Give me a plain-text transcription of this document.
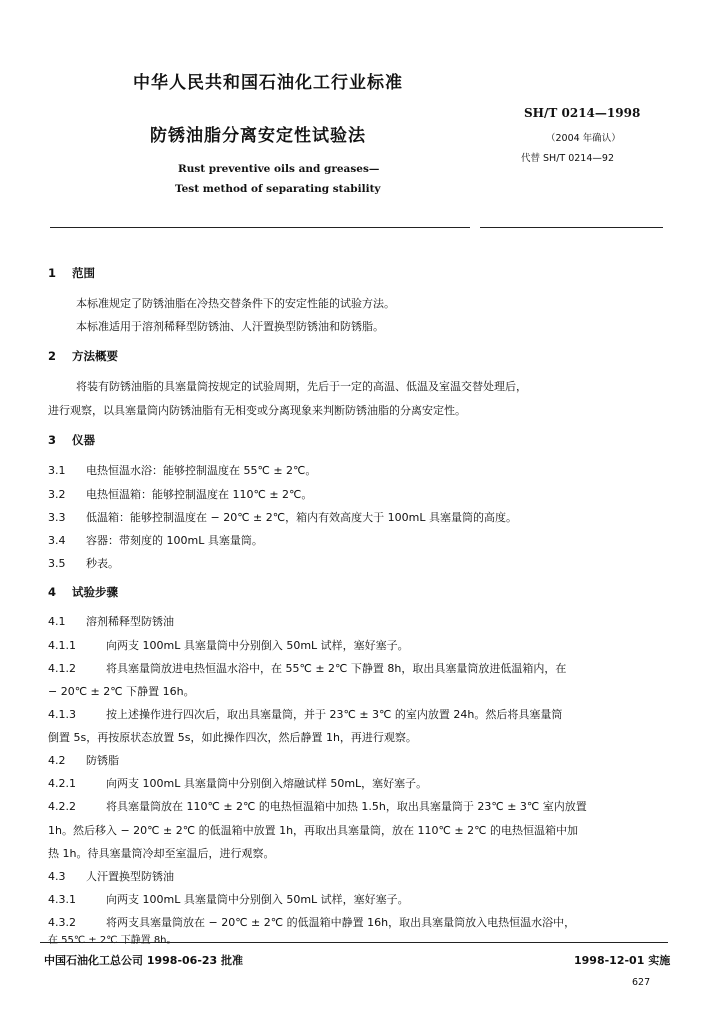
中华人民共和国石油化工行业标准
SH/T 0214—1998
（2004 年确认）
代替 SH/T 0214—92
防锈油脂分离安定性试验法
Rust preventive oils and greases—
Test method of separating stability
1 范围
本标准规定了防锈油脂在冷热交替条件下的安定性能的试验方法。
本标准适用于溶剂稀释型防锈油、人汗置换型防锈油和防锈脂。
2 方法概要
将装有防锈油脂的具塞量筒按规定的试验周期，先后于一定的高温、低温及室温交替处理后，
进行观察，以具塞量筒内防锈油脂有无相变或分离现象来判断防锈油脂的分离安定性。
3 仪器
3.1 电热恒温水浴：能够控制温度在 55℃ ± 2℃。
3.2 电热恒温箱：能够控制温度在 110℃ ± 2℃。
3.3 低温箱：能够控制温度在 − 20℃ ± 2℃，箱内有效高度大于 100mL 具塞量筒的高度。
3.4 容器：带刻度的 100mL 具塞量筒。
3.5 秒表。
4 试验步骤
4.1 溶剂稀释型防锈油
4.1.1	向两支 100mL 具塞量筒中分别倒入 50mL 试样，塞好塞子。
4.1.2	将具塞量筒放进电热恒温水浴中，在 55℃ ± 2℃ 下静置 8h，取出具塞量筒放进低温箱内，在
− 20℃ ± 2℃ 下静置 16h。
4.1.3	按上述操作进行四次后，取出具塞量筒，并于 23℃ ± 3℃ 的室内放置 24h。然后将具塞量筒
倒置 5s，再按原状态放置 5s，如此操作四次，然后静置 1h，再进行观察。
4.2 防锈脂
4.2.1	向两支 100mL 具塞量筒中分别倒入熔融试样 50mL，塞好塞子。
4.2.2	将具塞量筒放在 110℃ ± 2℃ 的电热恒温箱中加热 1.5h，取出具塞量筒于 23℃ ± 3℃ 室内放置
1h。然后移入 − 20℃ ± 2℃ 的低温箱中放置 1h，再取出具塞量筒，放在 110℃ ± 2℃ 的电热恒温箱中加
热 1h。待具塞量筒冷却至室温后，进行观察。
4.3 人汗置换型防锈油
4.3.1	向两支 100mL 具塞量筒中分别倒入 50mL 试样，塞好塞子。
4.3.2	将两支具塞量筒放在 − 20℃ ± 2℃ 的低温箱中静置 16h，取出具塞量筒放入电热恒温水浴中，
在 55℃ ± 2℃ 下静置 8h。
中国石油化工总公司 1998-06-23 批准	1998-12-01 实施
627
